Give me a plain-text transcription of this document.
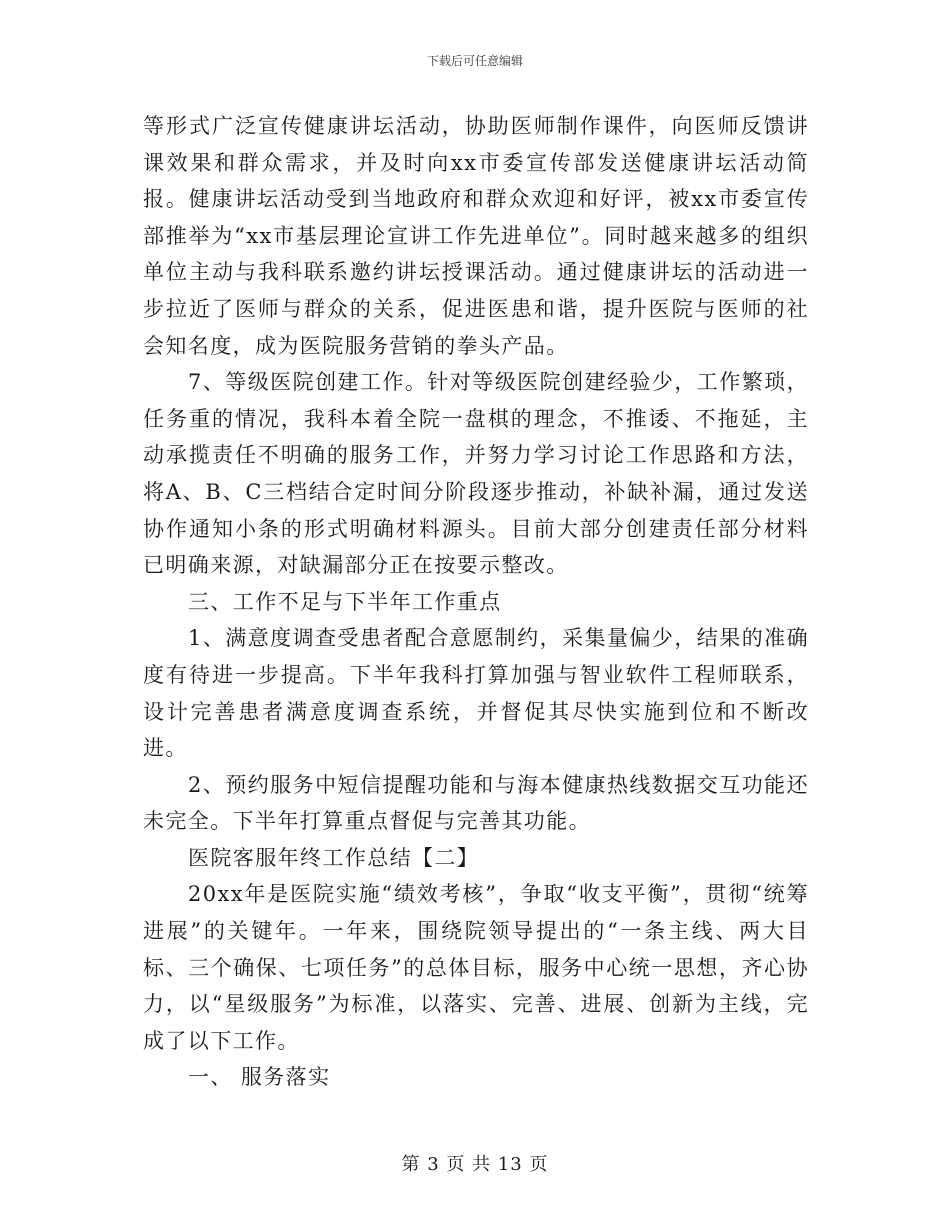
下载后可任意编辑

等形式广泛宣传健康讲坛活动，协助医师制作课件，向医师反馈讲课效果和群众需求，并及时向xx市委宣传部发送健康讲坛活动简报。健康讲坛活动受到当地政府和群众欢迎和好评，被xx市委宣传部推举为“xx市基层理论宣讲工作先进单位”。同时越来越多的组织单位主动与我科联系邀约讲坛授课活动。通过健康讲坛的活动进一步拉近了医师与群众的关系，促进医患和谐，提升医院与医师的社会知名度，成为医院服务营销的拳头产品。

7、等级医院创建工作。针对等级医院创建经验少，工作繁琐，任务重的情况，我科本着全院一盘棋的理念，不推诿、不拖延，主动承揽责任不明确的服务工作，并努力学习讨论工作思路和方法，将A、B、C三档结合定时间分阶段逐步推动，补缺补漏，通过发送协作通知小条的形式明确材料源头。目前大部分创建责任部分材料已明确来源，对缺漏部分正在按要示整改。

三、工作不足与下半年工作重点

1、满意度调查受患者配合意愿制约，采集量偏少，结果的准确度有待进一步提高。下半年我科打算加强与智业软件工程师联系，设计完善患者满意度调查系统，并督促其尽快实施到位和不断改进。

2、预约服务中短信提醒功能和与海本健康热线数据交互功能还未完全。下半年打算重点督促与完善其功能。

医院客服年终工作总结【二】

20xx年是医院实施“绩效考核”，争取“收支平衡”，贯彻“统筹进展”的关键年。一年来，围绕院领导提出的“一条主线、两大目标、三个确保、七项任务”的总体目标，服务中心统一思想，齐心协力，以“星级服务”为标准，以落实、完善、进展、创新为主线，完成了以下工作。

一、 服务落实

第 3 页 共 13 页
